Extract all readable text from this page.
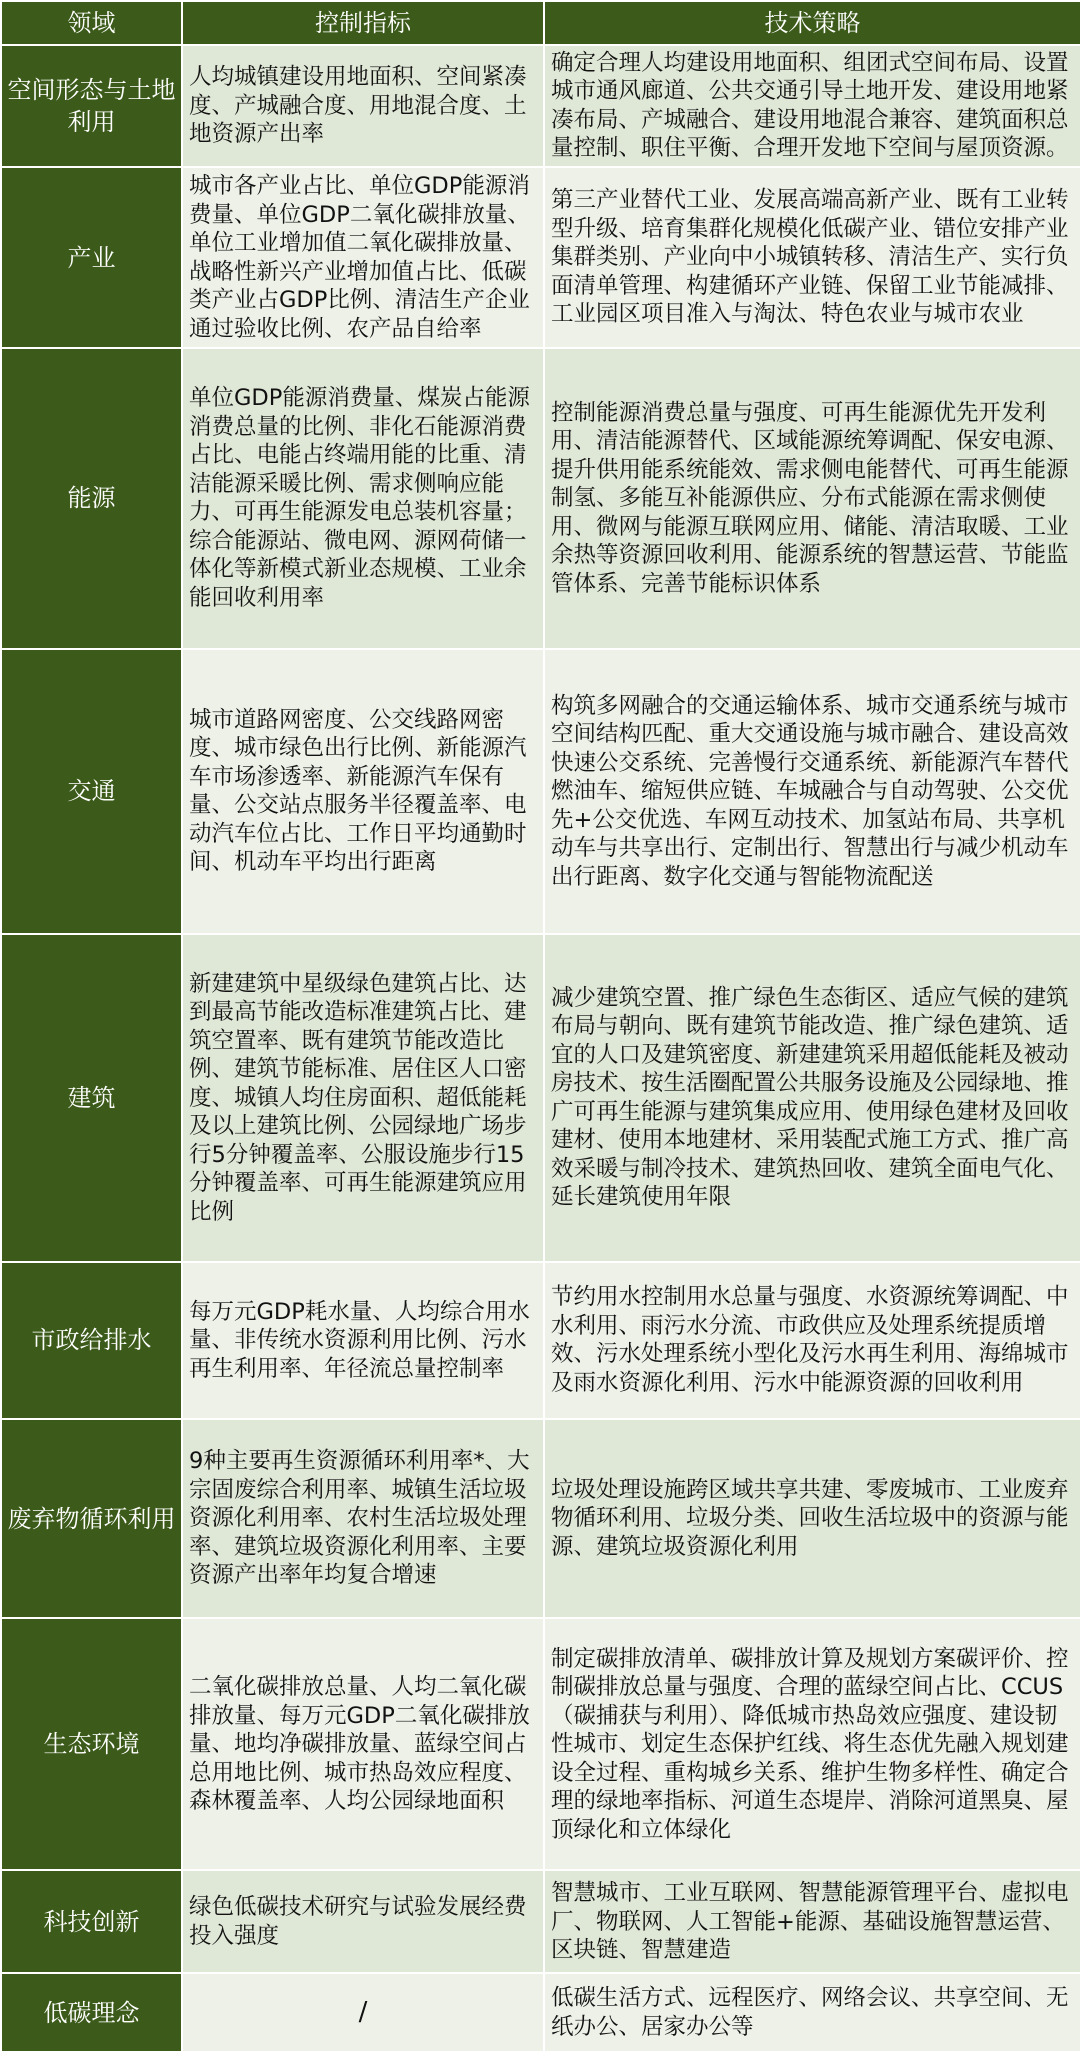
领域	控制指标	技术策略
空间形态与土地利用	人均城镇建设用地面积、空间紧凑度、产城融合度、用地混合度、土地资源产出率	确定合理人均建设用地面积、组团式空间布局、设置城市通风廊道、公共交通引导土地开发、建设用地紧凑布局、产城融合、建设用地混合兼容、建筑面积总量控制、职住平衡、合理开发地下空间与屋顶资源。
产业	城市各产业占比、单位GDP能源消费量、单位GDP二氧化碳排放量、单位工业增加值二氧化碳排放量、战略性新兴产业增加值占比、低碳类产业占GDP比例、清洁生产企业通过验收比例、农产品自给率	第三产业替代工业、发展高端高新产业、既有工业转型升级、培育集群化规模化低碳产业、错位安排产业集群类别、产业向中小城镇转移、清洁生产、实行负面清单管理、构建循环产业链、保留工业节能减排、工业园区项目准入与淘汰、特色农业与城市农业
能源	单位GDP能源消费量、煤炭占能源消费总量的比例、非化石能源消费占比、电能占终端用能的比重、清洁能源采暖比例、需求侧响应能力、可再生能源发电总装机容量；综合能源站、微电网、源网荷储一体化等新模式新业态规模、工业余能回收利用率	控制能源消费总量与强度、可再生能源优先开发利用、清洁能源替代、区域能源统筹调配、保安电源、提升供用能系统能效、需求侧电能替代、可再生能源制氢、多能互补能源供应、分布式能源在需求侧使用、微网与能源互联网应用、储能、清洁取暖、工业余热等资源回收利用、能源系统的智慧运营、节能监管体系、完善节能标识体系
交通	城市道路网密度、公交线路网密度、城市绿色出行比例、新能源汽车市场渗透率、新能源汽车保有量、公交站点服务半径覆盖率、电动汽车位占比、工作日平均通勤时间、机动车平均出行距离	构筑多网融合的交通运输体系、城市交通系统与城市空间结构匹配、重大交通设施与城市融合、建设高效快速公交系统、完善慢行交通系统、新能源汽车替代燃油车、缩短供应链、车城融合与自动驾驶、公交优先+公交优选、车网互动技术、加氢站布局、共享机动车与共享出行、定制出行、智慧出行与减少机动车出行距离、数字化交通与智能物流配送
建筑	新建建筑中星级绿色建筑占比、达到最高节能改造标准建筑占比、建筑空置率、既有建筑节能改造比例、建筑节能标准、居住区人口密度、城镇人均住房面积、超低能耗及以上建筑比例、公园绿地广场步行5分钟覆盖率、公服设施步行15分钟覆盖率、可再生能源建筑应用比例	减少建筑空置、推广绿色生态街区、适应气候的建筑布局与朝向、既有建筑节能改造、推广绿色建筑、适宜的人口及建筑密度、新建建筑采用超低能耗及被动房技术、按生活圈配置公共服务设施及公园绿地、推广可再生能源与建筑集成应用、使用绿色建材及回收建材、使用本地建材、采用装配式施工方式、推广高效采暖与制冷技术、建筑热回收、建筑全面电气化、延长建筑使用年限
市政给排水	每万元GDP耗水量、人均综合用水量、非传统水资源利用比例、污水再生利用率、年径流总量控制率	节约用水控制用水总量与强度、水资源统筹调配、中水利用、雨污水分流、市政供应及处理系统提质增效、污水处理系统小型化及污水再生利用、海绵城市及雨水资源化利用、污水中能源资源的回收利用
废弃物循环利用	9种主要再生资源循环利用率*、大宗固废综合利用率、城镇生活垃圾资源化利用率、农村生活垃圾处理率、建筑垃圾资源化利用率、主要资源产出率年均复合增速	垃圾处理设施跨区域共享共建、零废城市、工业废弃物循环利用、垃圾分类、回收生活垃圾中的资源与能源、建筑垃圾资源化利用
生态环境	二氧化碳排放总量、人均二氧化碳排放量、每万元GDP二氧化碳排放量、地均净碳排放量、蓝绿空间占总用地比例、城市热岛效应程度、森林覆盖率、人均公园绿地面积	制定碳排放清单、碳排放计算及规划方案碳评价、控制碳排放总量与强度、合理的蓝绿空间占比、CCUS（碳捕获与利用）、降低城市热岛效应强度、建设韧性城市、划定生态保护红线、将生态优先融入规划建设全过程、重构城乡关系、维护生物多样性、确定合理的绿地率指标、河道生态堤岸、消除河道黑臭、屋顶绿化和立体绿化
科技创新	绿色低碳技术研究与试验发展经费投入强度	智慧城市、工业互联网、智慧能源管理平台、虚拟电厂、物联网、人工智能+能源、基础设施智慧运营、区块链、智慧建造
低碳理念	/	低碳生活方式、远程医疗、网络会议、共享空间、无纸办公、居家办公等
